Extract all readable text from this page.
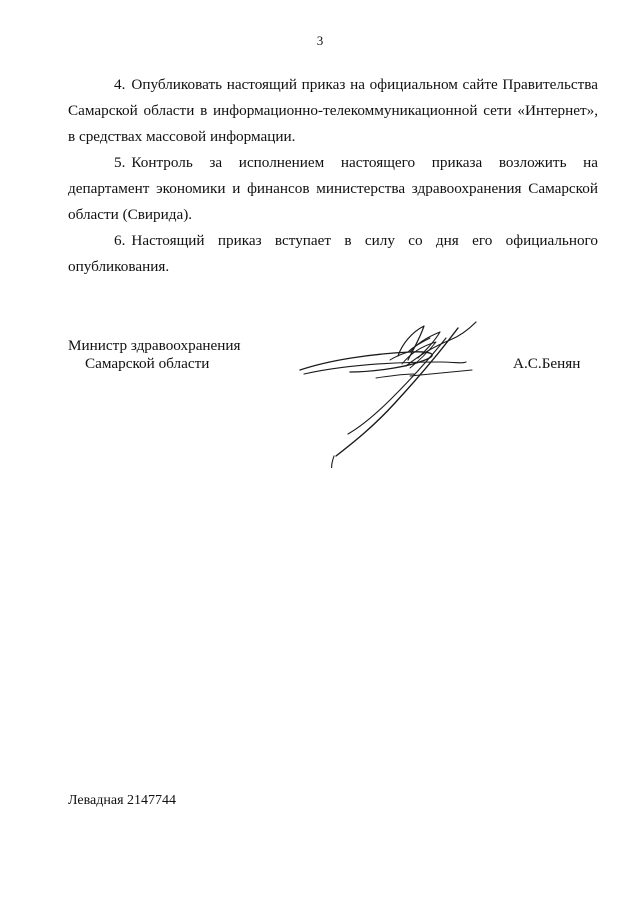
3

4. Опубликовать настоящий приказ на официальном сайте Правительства Самарской области в информационно-телекоммуникационной сети «Интернет», в средствах массовой информации.

5. Контроль за исполнением настоящего приказа возложить на департамент экономики и финансов министерства здравоохранения Самарской области (Свирида).

6. Настоящий приказ вступает в силу со дня его официального опубликования.

Министр здравоохранения
Самарской области	А.С.Бенян
Левадная 2147744
